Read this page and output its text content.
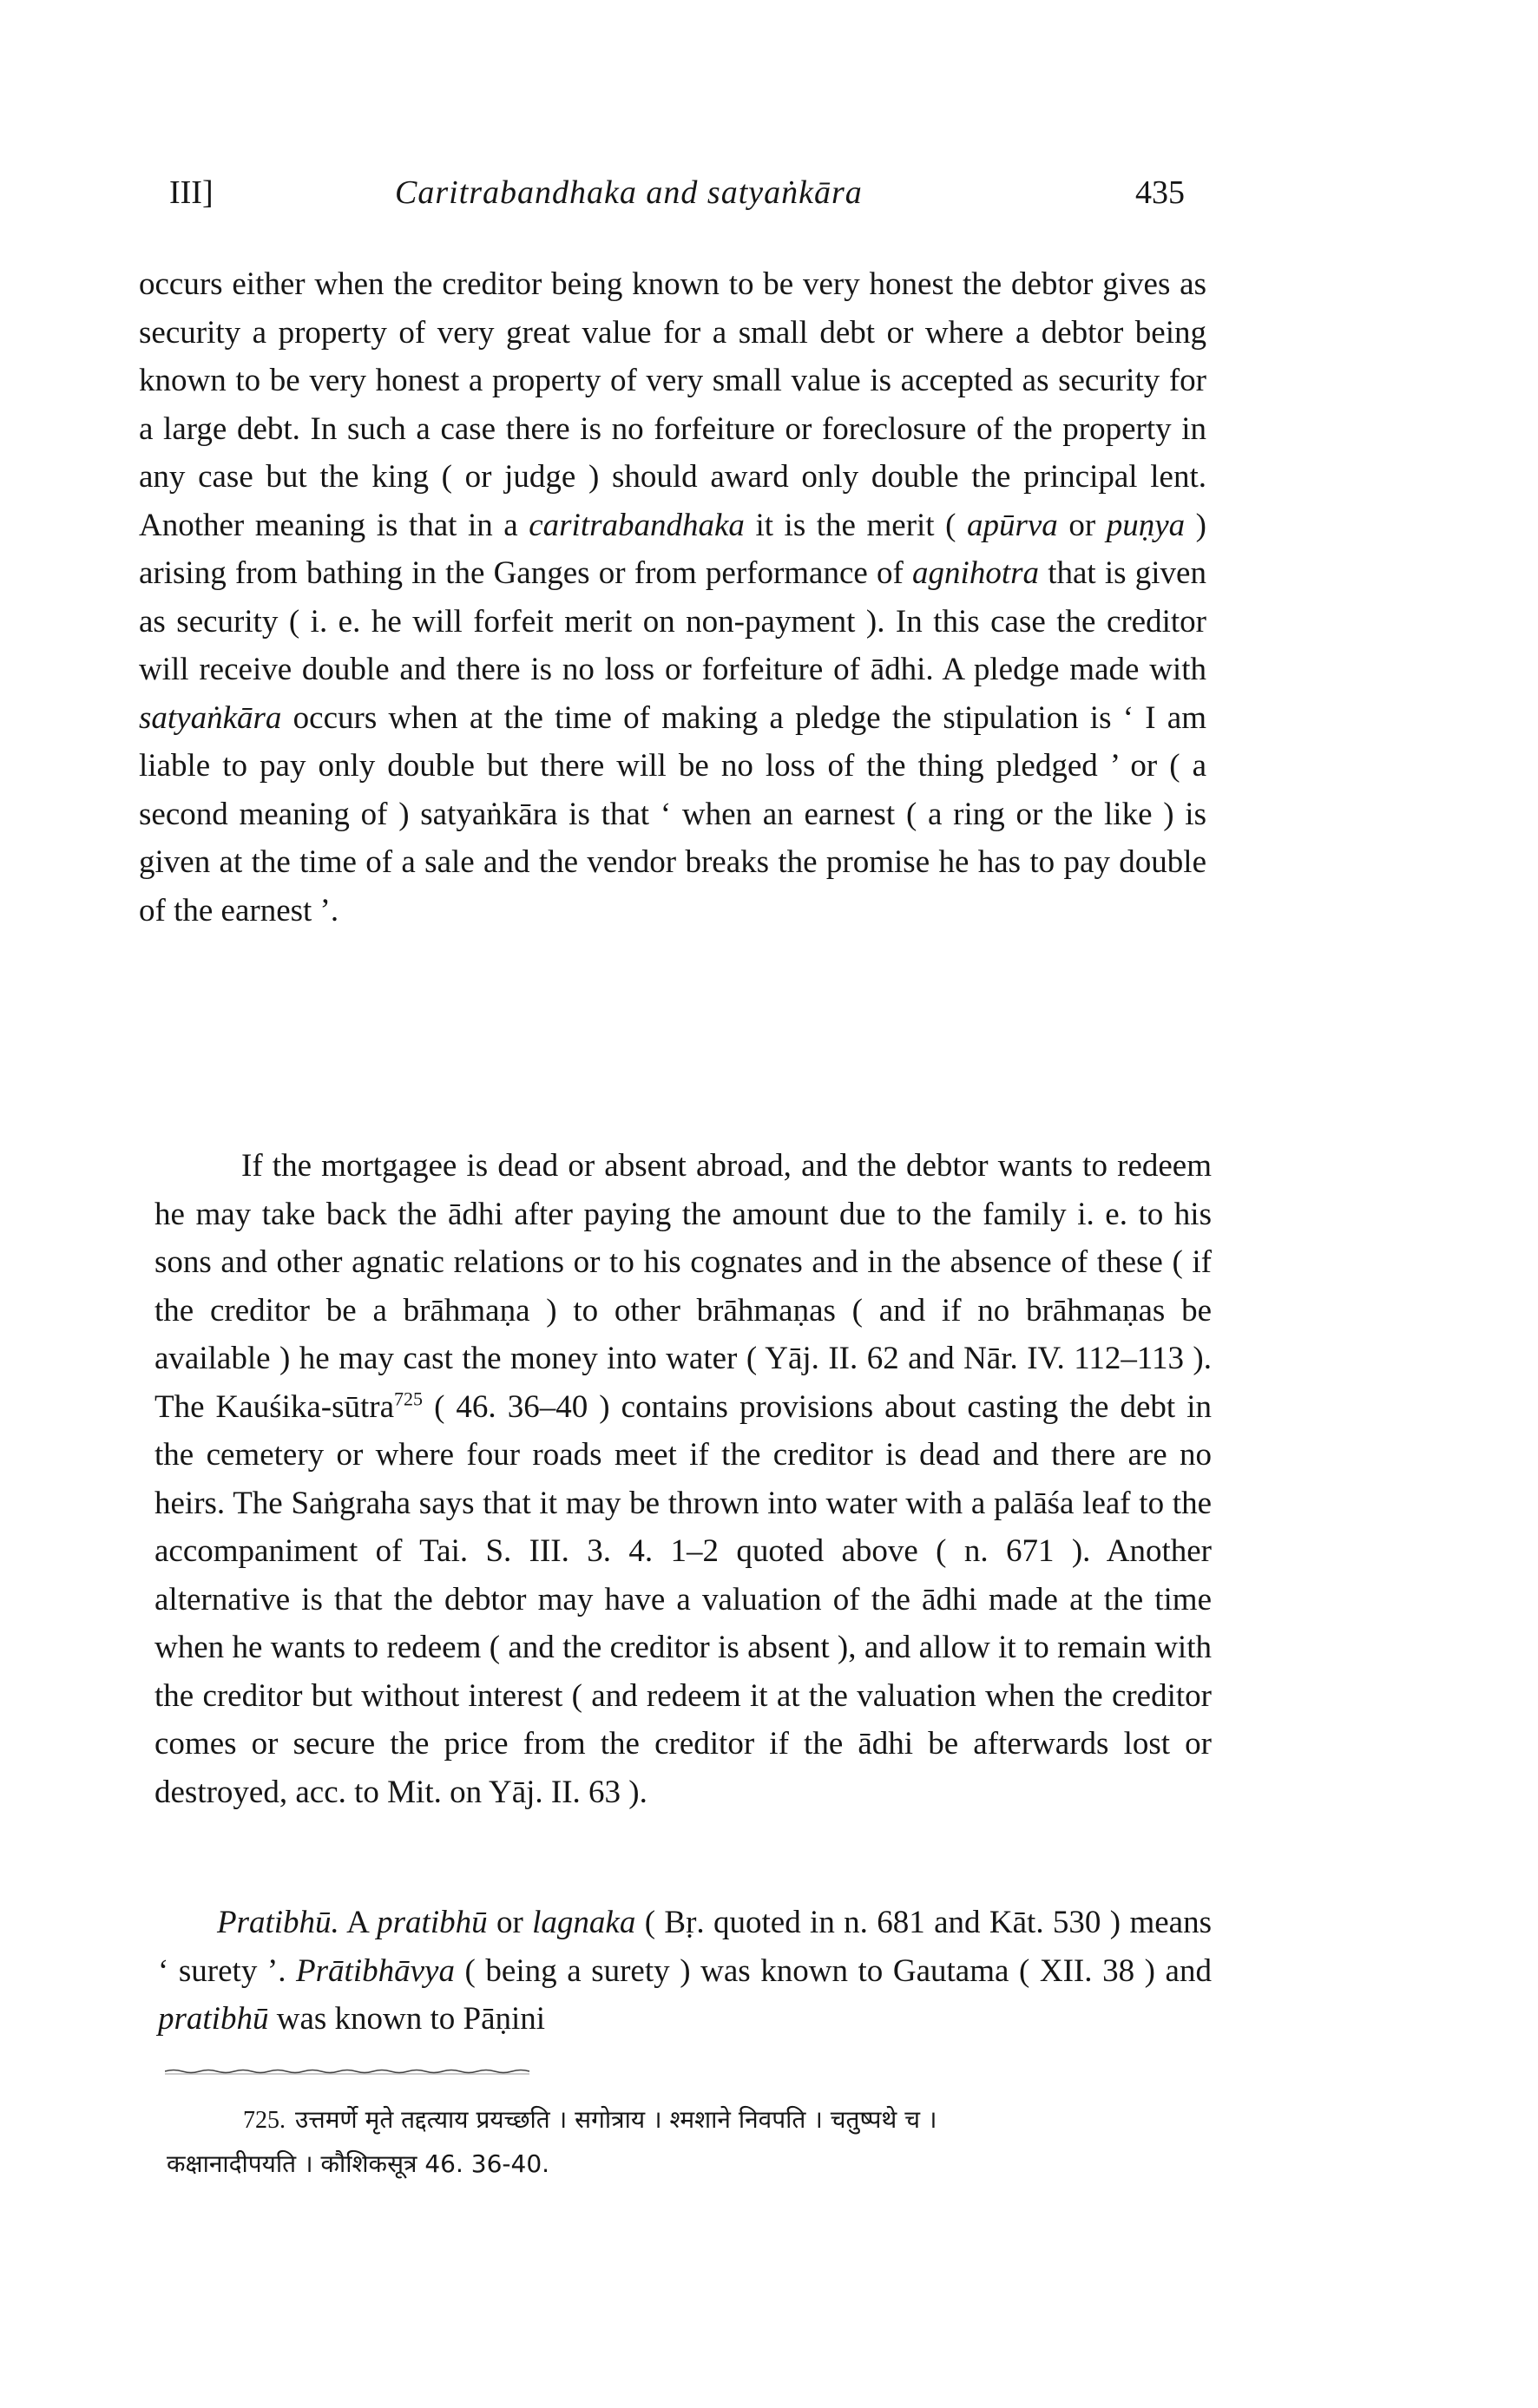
III]	Caritrabandhaka and satyaṅkāra	435

occurs either when the creditor being known to be very honest the debtor gives as security a property of very great value for a small debt or where a debtor being known to be very honest a property of very small value is accepted as security for a large debt. In such a case there is no forfeiture or foreclosure of the property in any case but the king ( or judge ) should award only double the principal lent. Another meaning is that in a caritrabandhaka it is the merit ( apūrva or puṇya ) arising from bathing in the Ganges or from performance of agnihotra that is given as security ( i. e. he will forfeit merit on non-payment ). In this case the creditor will receive double and there is no loss or forfeiture of ādhi. A pledge made with satyaṅkāra occurs when at the time of making a pledge the stipulation is ‘ I am liable to pay only double but there will be no loss of the thing pledged ’ or ( a second meaning of ) satyaṅkāra is that ‘ when an earnest ( a ring or the like ) is given at the time of a sale and the vendor breaks the promise he has to pay double of the earnest ’.

If the mortgagee is dead or absent abroad, and the debtor wants to redeem he may take back the ādhi after paying the amount due to the family i. e. to his sons and other agnatic relations or to his cognates and in the absence of these ( if the creditor be a brāhmaṇa ) to other brāhmaṇas ( and if no brāhmaṇas be available ) he may cast the money into water ( Yāj. II. 62 and Nār. IV. 112–113 ). The Kauśika-sūtra$^{725}$ ( 46. 36–40 ) contains provisions about casting the debt in the cemetery or where four roads meet if the creditor is dead and there are no heirs. The Saṅgraha says that it may be thrown into water with a palāśa leaf to the accompaniment of Tai. S. III. 3. 4. 1–2 quoted above ( n. 671 ). Another alternative is that the debtor may have a valuation of the ādhi made at the time when he wants to redeem ( and the creditor is absent ), and allow it to remain with the creditor but without interest ( and redeem it at the valuation when the creditor comes or secure the price from the creditor if the ādhi be afterwards lost or destroyed, acc. to Mit. on Yāj. II. 63 ).

Pratibhū. A pratibhū or lagnaka ( Bṛ. quoted in n. 681 and Kāt. 530 ) means ‘ surety ’. Prātibhāvya ( being a surety ) was known to Gautama ( XII. 38 ) and pratibhū was known to Pāṇini

725. उत्तमर्णे मृते तद्दत्याय प्रयच्छति । सगोत्राय । श्मशाने निवपति । चतुष्पथे च ।
कक्षानादीपयति । कौशिकसूत्र 46. 36-40.
